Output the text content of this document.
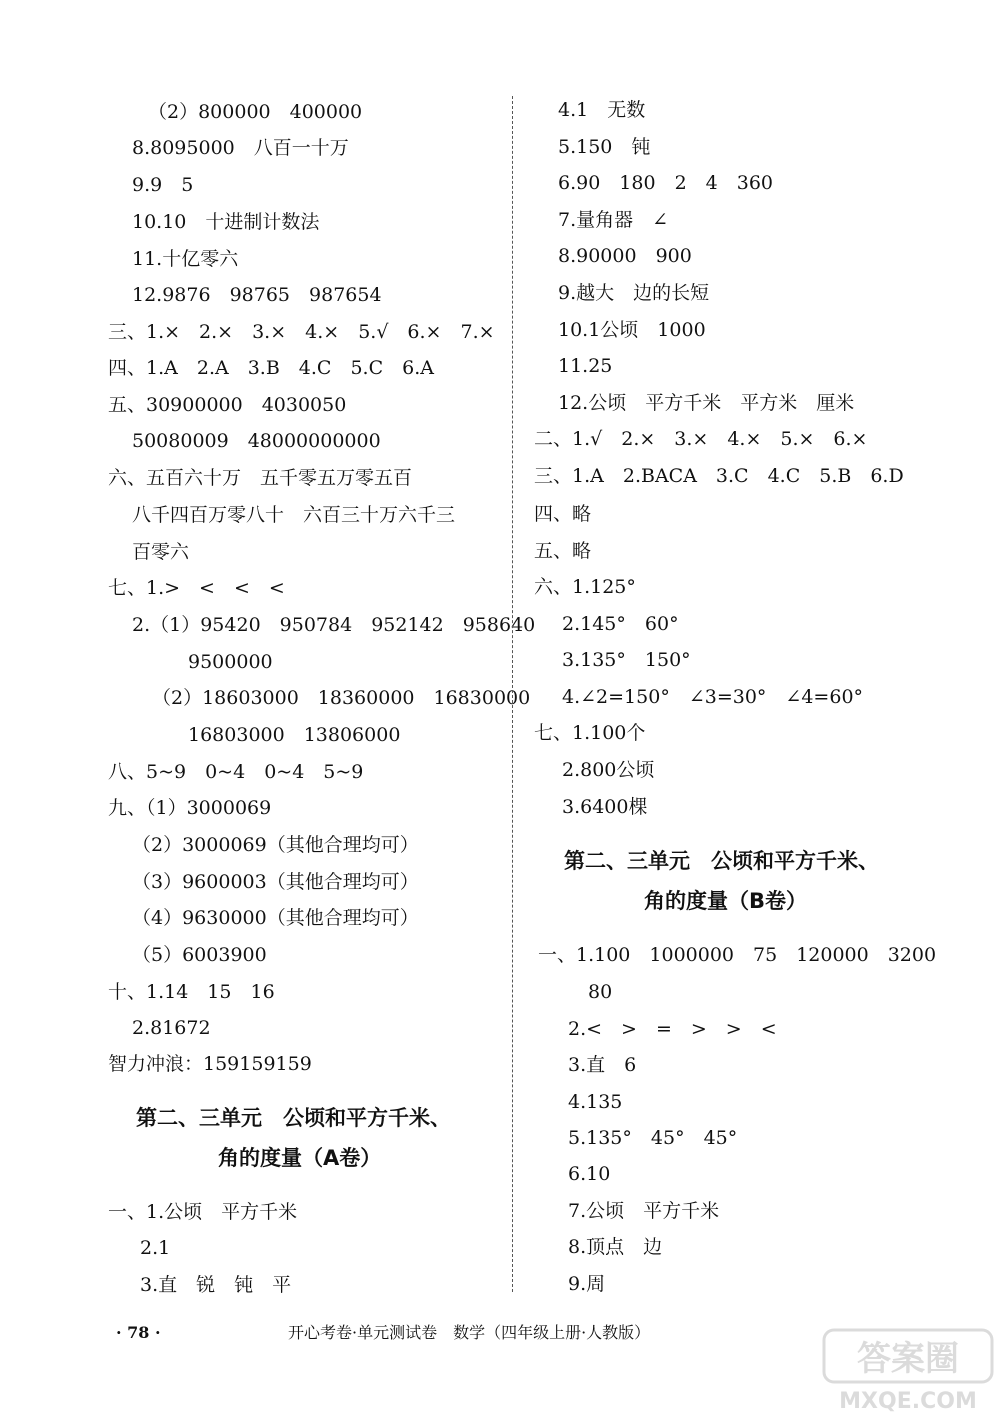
（2）800000　400000
8.8095000　八百一十万
9.9　5
10.10　十进制计数法
11.十亿零六
12.9876　98765　987654
三、1.×　2.×　3.×　4.×　5.√　6.×　7.×
四、1.A　2.A　3.B　4.C　5.C　6.A
五、30900000　4030050
50080009　48000000000
六、五百六十万　五千零五万零五百
八千四百万零八十　六百三十万六千三
百零六
七、1.>　<　<　<
2.（1）95420　950784　952142　958640
9500000
（2）18603000　18360000　16830000
16803000　13806000
八、5~9　0~4　0~4　5~9
九、（1）3000069
（2）3000069（其他合理均可）
（3）9600003（其他合理均可）
（4）9630000（其他合理均可）
（5）6003900
十、1.14　15　16
2.81672
智力冲浪：159159159
第二、三单元　公顷和平方千米、
角的度量（A卷）
一、1.公顷　平方千米
2.1
3.直　锐　钝　平
4.1　无数
5.150　钝
6.90　180　2　4　360
7.量角器　∠
8.90000　900
9.越大　边的长短
10.1公顷　1000
11.25
12.公顷　平方千米　平方米　厘米
二、1.√　2.×　3.×　4.×　5.×　6.×
三、1.A　2.BACA　3.C　4.C　5.B　6.D
四、略
五、略
六、1.125°
2.145°　60°
3.135°　150°
4.∠2=150°　∠3=30°　∠4=60°
七、1.100个
2.800公顷
3.6400棵
第二、三单元　公顷和平方千米、
角的度量（B卷）
一、1.100　1000000　75　120000　3200
80
2.<　>　=　>　>　<
3.直　6
4.135
5.135°　45°　45°
6.10
7.公顷　平方千米
8.顶点　边
9.周
· 78 ·	开心考卷·单元测试卷　数学（四年级上册·人教版）
答案圈
MXQE.COM
